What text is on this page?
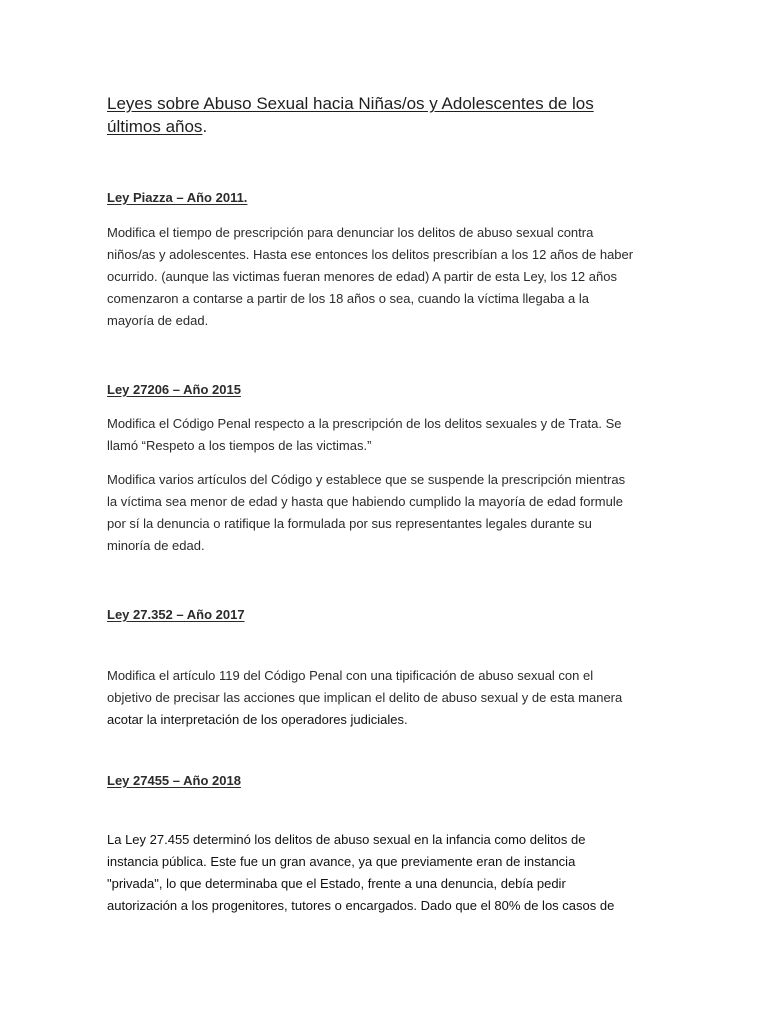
Leyes sobre Abuso Sexual hacia Niñas/os y Adolescentes de los últimos años.
Ley Piazza – Año 2011.

Modifica el tiempo de prescripción para denunciar los delitos de abuso sexual contra
niños/as y adolescentes. Hasta ese entonces los delitos prescribían a los 12 años de haber
ocurrido. (aunque las victimas fueran menores de edad) A partir de esta Ley, los 12 años
comenzaron a contarse a partir de los 18 años o sea, cuando la víctima llegaba a la
mayoría de edad.

Ley 27206 – Año 2015

Modifica el Código Penal respecto a la prescripción de los delitos sexuales y de Trata. Se
llamó “Respeto a los tiempos de las victimas.”

Modifica varios artículos del Código y establece que se suspende la prescripción mientras
la víctima sea menor de edad y hasta que habiendo cumplido la mayoría de edad formule
por sí la denuncia o ratifique la formulada por sus representantes legales durante su
minoría de edad.

Ley 27.352 – Año 2017

Modifica el artículo 119 del Código Penal con una tipificación de abuso sexual con el
objetivo de precisar las acciones que implican el delito de abuso sexual y de esta manera
acotar la interpretación de los operadores judiciales.

Ley 27455 – Año 2018

La Ley 27.455 determinó los delitos de abuso sexual en la infancia como delitos de
instancia pública. Este fue un gran avance, ya que previamente eran de instancia
"privada", lo que determinaba que el Estado, frente a una denuncia, debía pedir
autorización a los progenitores, tutores o encargados. Dado que el 80% de los casos de
